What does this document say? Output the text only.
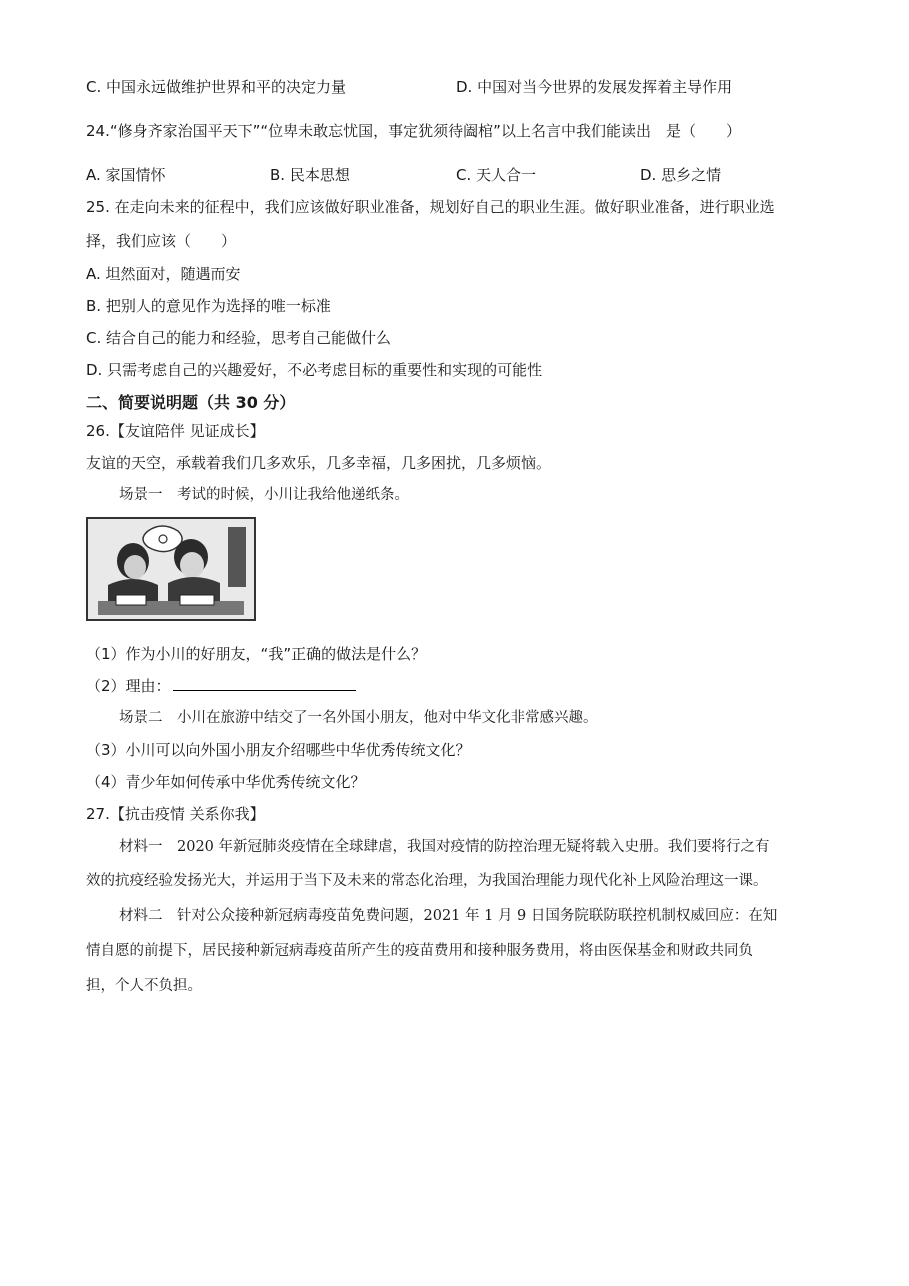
C. 中国永远做维护世界和平的决定力量	D. 中国对当今世界的发展发挥着主导作用
24.“修身齐家治国平天下”“位卑未敢忘忧国，事定犹须待阖棺”以上名言中我们能读出　是（　　）
A. 家国情怀	B. 民本思想	C. 天人合一	D. 思乡之情
25. 在走向未来的征程中，我们应该做好职业准备，规划好自己的职业生涯。做好职业准备，进行职业选
择，我们应该（　　）
A. 坦然面对，随遇而安
B. 把别人的意见作为选择的唯一标准
C. 结合自己的能力和经验，思考自己能做什么
D. 只需考虑自己的兴趣爱好，不必考虑目标的重要性和实现的可能性
二、简要说明题（共 30 分）
26.【友谊陪伴 见证成长】
友谊的天空，承载着我们几多欢乐，几多幸福，几多困扰，几多烦恼。
场景一　考试的时候，小川让我给他递纸条。
（1）作为小川的好朋友，“我”正确的做法是什么？
（2）理由：
场景二　小川在旅游中结交了一名外国小朋友，他对中华文化非常感兴趣。
（3）小川可以向外国小朋友介绍哪些中华优秀传统文化？
（4）青少年如何传承中华优秀传统文化？
27.【抗击疫情 关系你我】
材料一　2020 年新冠肺炎疫情在全球肆虐，我国对疫情的防控治理无疑将载入史册。我们要将行之有
效的抗疫经验发扬光大，并运用于当下及未来的常态化治理，为我国治理能力现代化补上风险治理这一课。
材料二　针对公众接种新冠病毒疫苗免费问题，2021 年 1 月 9 日国务院联防联控机制权威回应：在知
情自愿的前提下，居民接种新冠病毒疫苗所产生的疫苗费用和接种服务费用，将由医保基金和财政共同负
担，个人不负担。
